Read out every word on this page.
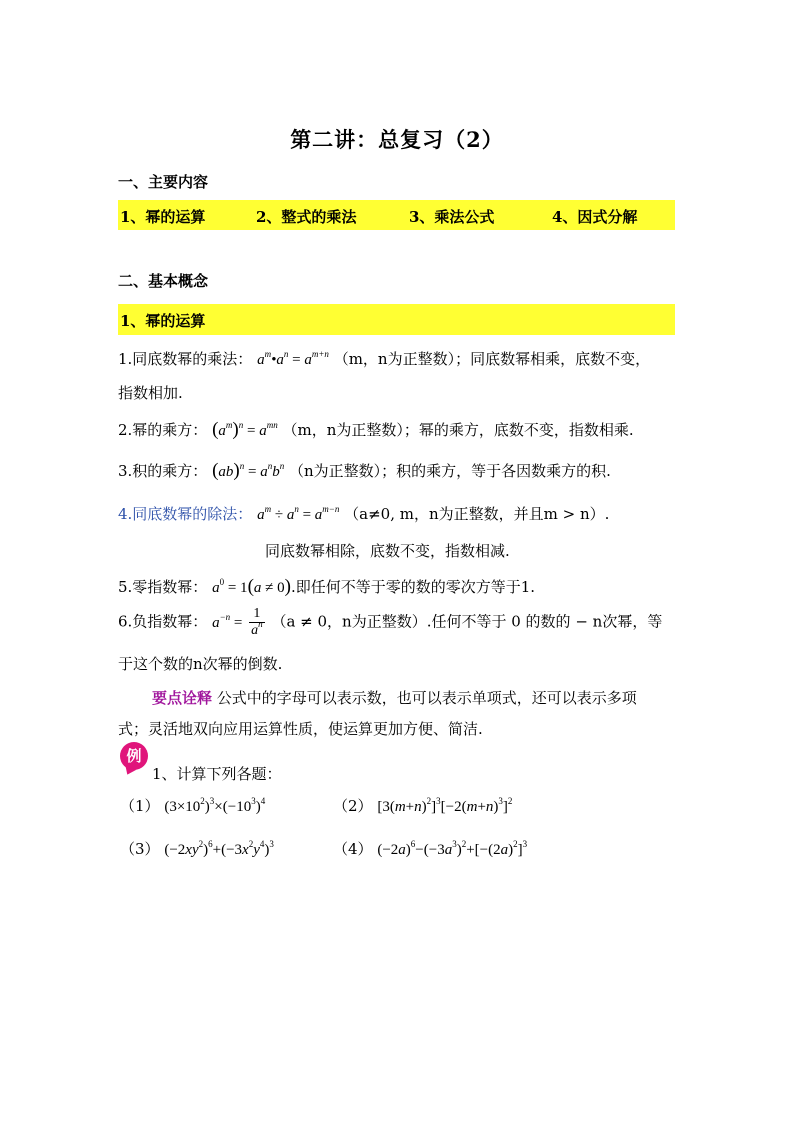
第二讲：总复习（2）
一、主要内容
1、幂的运算	2、整式的乘法	3、乘法公式	4、因式分解
二、基本概念
1、幂的运算
1.同底数幂的乘法： $a^m•a^n = a^{m+n}$ （m，n为正整数）；同底数幂相乘，底数不变，
指数相加.
2.幂的乘方： $(a^m)^n = a^{mn}$ （m，n为正整数）；幂的乘方，底数不变，指数相乘.
3.积的乘方： $(ab)^n = a^nb^n$ （n为正整数）；积的乘方，等于各因数乘方的积.
4.同底数幂的除法： $a^m \div a^n = a^{m-n}$ （a≠0, m，n为正整数，并且m > n）.
同底数幂相除，底数不变，指数相减.
5.零指数幂： $a^0 = 1(a \ne 0)$.即任何不等于零的数的零次方等于1.
6.负指数幂： $a^{-n} = \frac{1}{a^n} (a \ne 0$，n为正整数）.任何不等于 0 的数的 − n次幂，等
于这个数的n次幂的倒数.
要点诠释 公式中的字母可以表示数，也可以表示单项式，还可以表示多项
式；灵活地双向应用运算性质，使运算更加方便、简洁.
例
1、计算下列各题：
（1） $(3\times 10^2)^3\times(-10^3)^4$	（2） $[3(m+n)^2]^3[-2(m+n)^3]^2$
（3） $(-2xy^2)^6+(-3x^2y^4)^3$	（4） $(-2a)^6-(-3a^3)^2+[-(2a)^2]^3$
